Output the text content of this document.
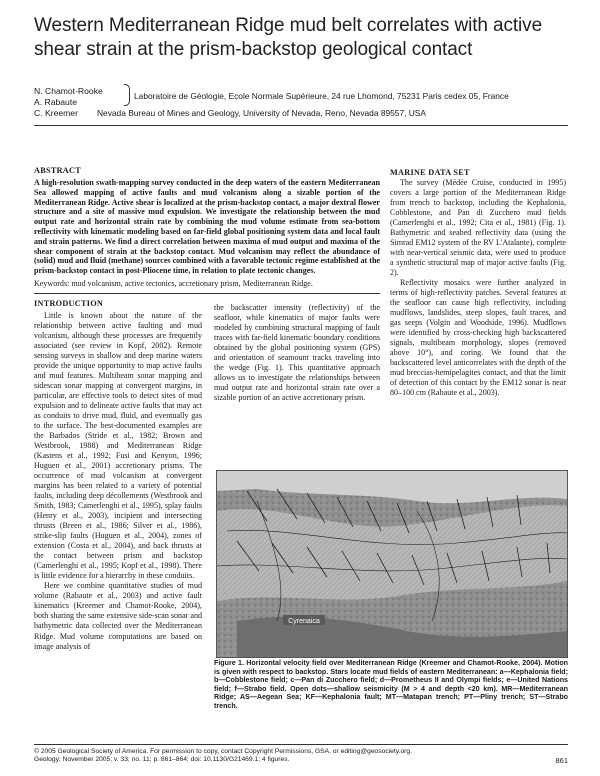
Western Mediterranean Ridge mud belt correlates with active
shear strain at the prism-backstop geological contact
N. Chamot-Rooke
A. Rabaute
C. Kreemer
Laboratoire de Géologie, Ecole Normale Supérieure, 24 rue Lhomond, 75231 Paris cedex 05, France
Nevada Bureau of Mines and Geology, University of Nevada, Reno, Nevada 89557, USA
ABSTRACT
A high-resolution swath-mapping survey conducted in the deep waters of the eastern Mediterranean Sea allowed mapping of active faults and mud volcanism along a sizable portion of the Mediterranean Ridge. Active shear is localized at the prism-backstop contact, a major dextral flower structure and a site of massive mud expulsion. We investigate the relationship between the mud output rate and horizontal strain rate by combining the mud volume estimate from sea-bottom reflectivity with kinematic modeling based on far-field global positioning system data and local fault and strain patterns. We find a direct correlation between maxima of mud output and maxima of the shear component of strain at the backstop contact. Mud volcanism may reflect the abundance of (solid) mud and fluid (methane) sources combined with a favorable tectonic regime established at the prism-backstop contact in post-Pliocene time, in relation to plate tectonic changes.
Keywords: mud volcanism, active tectonics, accretionary prism, Mediterranean Ridge.
INTRODUCTION

Little is known about the nature of the relationship between active faulting and mud volcanism, although these processes are frequently associated (see review in Kopf, 2002). Remote sensing surveys in shallow and deep marine waters provide the unique opportunity to map active faults and mud features. Multibeam sonar mapping and sidescan sonar mapping at convergent margins, in particular, are effective tools to detect sites of mud expulsion and to delineate active faults that may act as conduits to drive mud, fluid, and eventually gas to the surface. The best-documented examples are the Barbados (Stride et al., 1982; Brown and Westbrook, 1988) and Mediterranean Ridge (Kastens et al., 1992; Fusi and Kenyon, 1996; Huguen et al., 2001) accretionary prisms. The occurrence of mud volcanism at convergent margins has been related to a variety of potential faults, including deep décollements (Westbrook and Smith, 1983; Camerlenghi et al., 1995), splay faults (Henry et al., 2003), incipient and intersecting thrusts (Breen et al., 1986; Silver et al., 1986), strike-slip faults (Huguen et al., 2004), zones of extension (Costa et al., 2004), and back thrusts at the contact between prism and backstop (Camerlenghi et al., 1995; Kopf et al., 1998). There is little evidence for a hierarchy in these conduits.

Here we combine quantitative studies of mud volume (Rabaute et al., 2003) and active fault kinematics (Kreemer and Chamot-Rooke, 2004), both sharing the same extensive side-scan sonar and bathymetric data collected over the Mediterranean Ridge. Mud volume computations are based on image analysis of

the backscatter intensity (reflectivity) of the seafloor, while kinematics of major faults were modeled by combining structural mapping of fault traces with far-field kinematic boundary conditions obtained by the global positioning system (GPS) and orientation of seamount tracks traveling into the wedge (Fig. 1). This quantitative approach allows us to investigate the relationships between mud output rate and horizontal strain rate over a sizable portion of an active accretionary prism.

MARINE DATA SET

The survey (Médée Cruise, conducted in 1995) covers a large portion of the Mediterranean Ridge from trench to backstop, including the Kephalonia, Cobblestone, and Pan di Zucchero mud fields (Camerlenghi et al., 1992; Cita et al., 1981) (Fig. 1). Bathymetric and seabed reflectivity data (using the Simrad EM12 system of the RV L'Atalante), complete with near-vertical seismic data, were used to produce a synthetic structural map of major active faults (Fig. 2).

Reflectivity mosaics were further analyzed in terms of high-reflectivity patches. Several features at the seafloor can cause high reflectivity, including mudflows, landslides, steep slopes, fault traces, and gas seeps (Volgin and Woodside, 1996). Mudflows were identified by cross-checking high backscattered signals, multibeam morphology, slopes (removed above 10°), and coring. We found that the backscattered level anticorrelates with the depth of the mud breccias-hemipelagites contact, and that the limit of detection of this contact by the EM12 sonar is near 80–100 cm (Rabaute et al., 2003).

Cyrenaica
Figure 1. Horizontal velocity field over Mediterranean Ridge (Kreemer and Chamot-Rooke, 2004). Motion is given with respect to backstop. Stars locate mud fields of eastern Mediterranean: a—Kephalonia field; b—Cobblestone field; c—Pan di Zucchero field; d—Prometheus II and Olympi fields; e—United Nations field; f—Strabo field. Open dots—shallow seismicity (M > 4 and depth <20 km). MR—Mediterranean Ridge; AS—Aegean Sea; KF—Kephalonia fault; MT—Matapan trench; PT—Pliny trench; ST—Strabo trench.
© 2005 Geological Society of America. For permission to copy, contact Copyright Permissions, GSA, or editing@geosociety.org.
Geology; November 2005; v. 33; no. 11; p. 861–864; doi: 10.1130/G21469.1; 4 figures.	861
